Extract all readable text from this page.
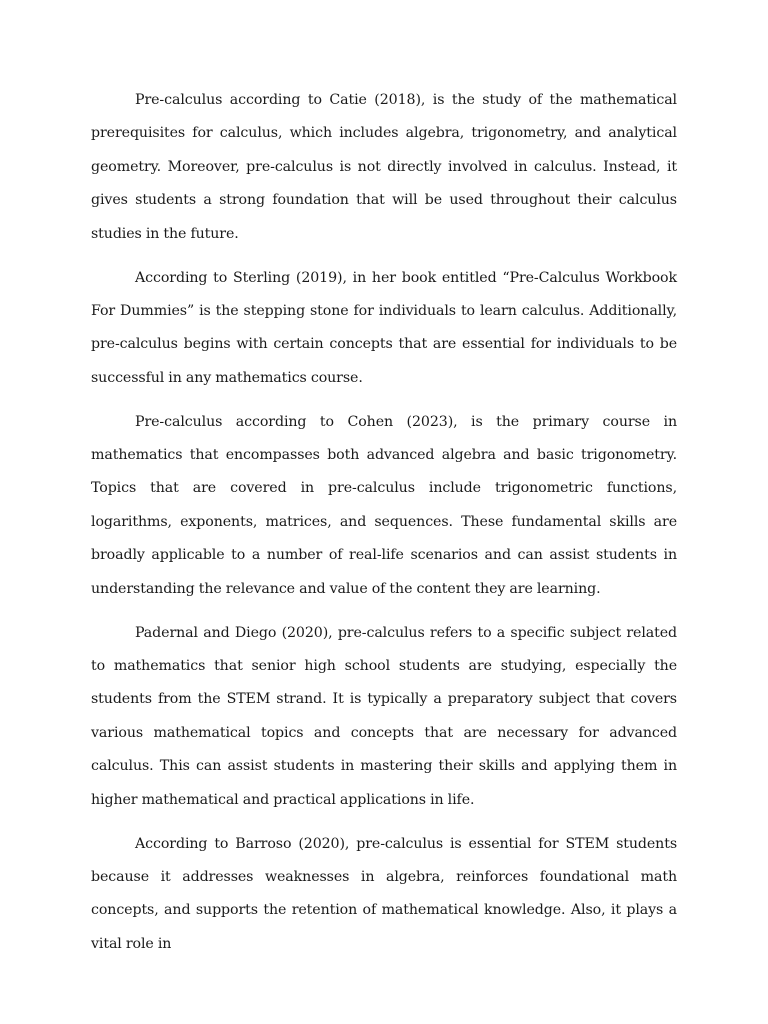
Pre-calculus according to Catie (2018), is the study of the mathematical prerequisites for calculus, which includes algebra, trigonometry, and analytical geometry. Moreover, pre-calculus is not directly involved in calculus. Instead, it gives students a strong foundation that will be used throughout their calculus studies in the future.

According to Sterling (2019), in her book entitled “Pre-Calculus Workbook For Dummies” is the stepping stone for individuals to learn calculus. Additionally, pre-calculus begins with certain concepts that are essential for individuals to be successful in any mathematics course.

Pre-calculus according to Cohen (2023), is the primary course in mathematics that encompasses both advanced algebra and basic trigonometry. Topics that are covered in pre-calculus include trigonometric functions, logarithms, exponents, matrices, and sequences. These fundamental skills are broadly applicable to a number of real-life scenarios and can assist students in understanding the relevance and value of the content they are learning.

Padernal and Diego (2020), pre-calculus refers to a specific subject related to mathematics that senior high school students are studying, especially the students from the STEM strand. It is typically a preparatory subject that covers various mathematical topics and concepts that are necessary for advanced calculus. This can assist students in mastering their skills and applying them in higher mathematical and practical applications in life.

According to Barroso (2020), pre-calculus is essential for STEM students because it addresses weaknesses in algebra, reinforces foundational math concepts, and supports the retention of mathematical knowledge. Also, it plays a vital role in
